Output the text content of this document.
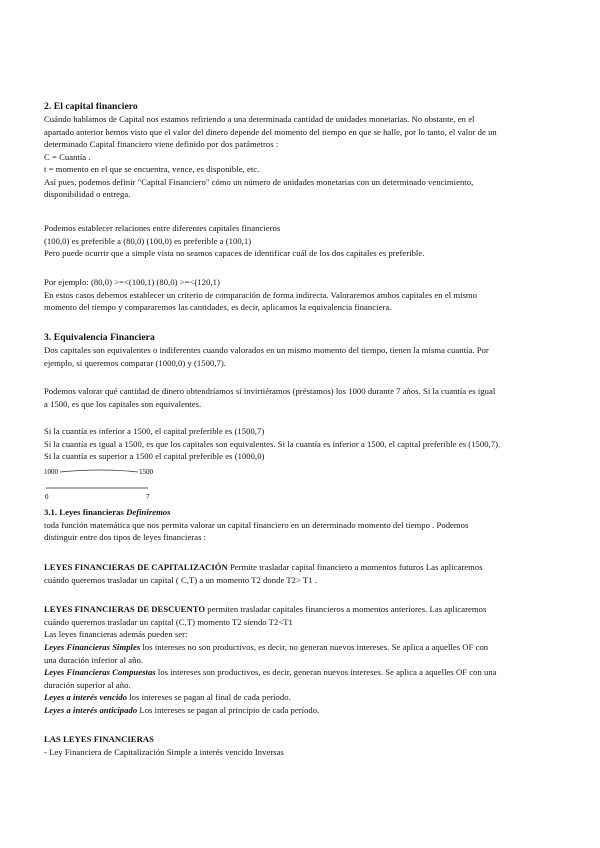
2. El capital financiero

Cuándo hablamos de Capital nos estamos refiriendo a una determinada cantidad de unidades monetarias. No obstante, en el

apartado anterior hemos visto que el valor del dinero depende del momento del tiempo en que se halle, por lo tanto, el valor de un

determinado Capital financiero viene definido por dos parámetros :

C = Cuantía .

t = momento en el que se encuentra, vence, es disponible, etc.

Así pues, podemos definir "Capital Financiero" cómo un número de unidades monetarias con un determinado vencimiento,

disponibilidad o entrega.

Podemos establecer relaciones entre diferentes capitales financieros

(100,0) es preferible a (80,0) (100,0) es preferible a (100,1)

Pero puede ocurrir que a simple vista no seamos capaces de identificar cuál de los dos capitales es preferible.

Por ejemplo: (80,0) >=<(100,1) (80,0) >=<(120,1)

En estos casos debemos establecer un criterio de comparación de forma indirecta. Valoraremos ambos capitales en el mismo

momento del tiempo y compararemos las cantidades, es decir, aplicamos la equivalencia financiera.

3. Equivalencia Financiera

Dos capitales son equivalentes o indiferentes cuando valorados en un mismo momento del tiempo, tienen la misma cuantía. Por

ejemplo, si queremos comparar (1000,0) y (1500,7).

Podemos valorar qué cantidad de dinero obtendríamos si invirtiéramos (préstamos) los 1000 durante 7 años. Si la cuantía es igual

a 1500, es que los capitales son equivalentes.

Si la cuantía es inferior a 1500, el capital preferible es (1500,7)

Si la cuantía es igual a 1500, es que los capitales son equivalentes. Si la cuantía es inferior a 1500, el capital preferible es (1500,7).

Si la cuantía es superior a 1500 el capital preferible es (1000,0)

1000	1500
0	7

3.1. Leyes financieras Definiremos

toda función matemática que nos permita valorar un capital financiero en un determinado momento del tiempo . Podemos

distinguir entre dos tipos de leyes financieras :

LEYES FINANCIERAS DE CAPITALIZACIÓN Permite trasladar capital financiero a momentos futuros Las aplicaremos

cuándo queremos trasladar un capital ( C,T) a un momento T2 donde T2> T1 .

LEYES FINANCIERAS DE DESCUENTO permiten trasladar capitales financieros a momentos anteriores. Las aplicaremos

cuándo queremos trasladar un capital (C,T) momento T2 siendo T2<T1

Las leyes financieras además pueden ser:

Leyes Financieras Simples los intereses no son productivos, es decir, no generan nuevos intereses. Se aplica a aquelles OF con

una duración inferior al año.

Leyes Financieras Compuestas los intereses son productivos, es decir, generan nuevos intereses. Se aplica a aquelles OF con una

duración superior al año.

Leyes a interés vencido los intereses se pagan al final de cada período.

Leyes a interés anticipado Los intereses se pagan al principio de cada período.

LAS LEYES FINANCIERAS

- Ley Financiera de Capitalización Simple a interés vencido Inversas
